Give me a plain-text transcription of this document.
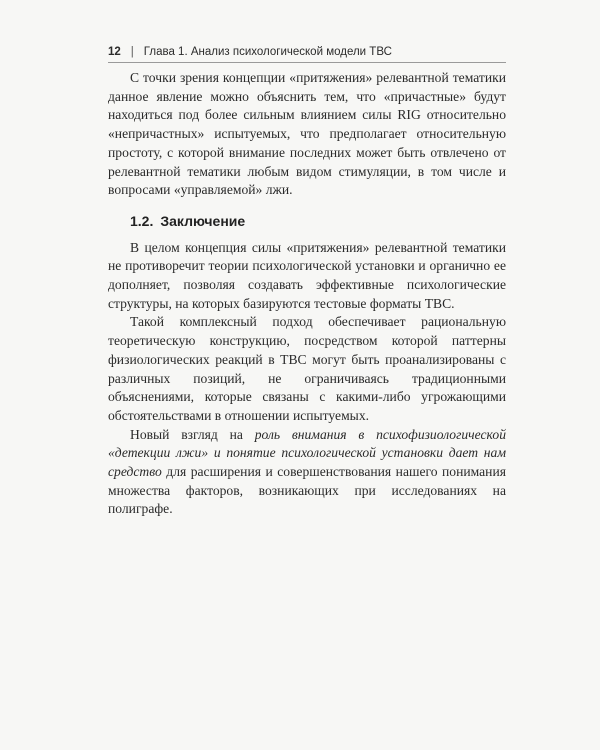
12 | Глава 1. Анализ психологической модели ТВС

С точки зрения концепции «притяжения» релевантной тематики данное явление можно объяснить тем, что «причастные» будут находиться под более сильным влиянием силы RIG относительно «непричастных» испытуемых, что предполагает относительную простоту, с которой внимание последних может быть отвлечено от релевантной тематики любым видом стимуляции, в том числе и вопросами «управляемой» лжи.

1.2. Заключение

В целом концепция силы «притяжения» релевантной тематики не противоречит теории психологической установки и органично ее дополняет, позволяя создавать эффективные психологические структуры, на которых базируются тестовые форматы ТВС.

Такой комплексный подход обеспечивает рациональную теоретическую конструкцию, посредством которой паттерны физиологических реакций в ТВС могут быть проанализированы с различных позиций, не ограничиваясь традиционными объяснениями, которые связаны с какими-либо угрожающими обстоятельствами в отношении испытуемых.

Новый взгляд на роль внимания в психофизиологической «детекции лжи» и понятие психологической установки дает нам средство для расширения и совершенствования нашего понимания множества факторов, возникающих при исследованиях на полиграфе.
